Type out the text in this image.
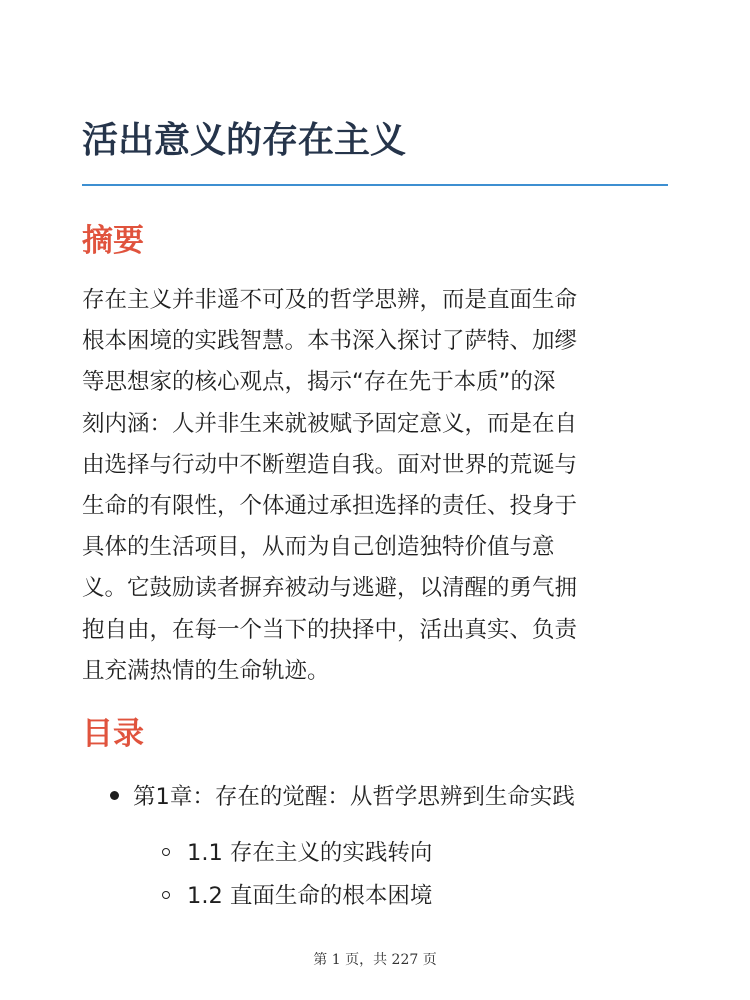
活出意义的存在主义
摘要

存在主义并非遥不可及的哲学思辨，而是直面生命
根本困境的实践智慧。本书深入探讨了萨特、加缪
等思想家的核心观点，揭示“存在先于本质”的深
刻内涵：人并非生来就被赋予固定意义，而是在自
由选择与行动中不断塑造自我。面对世界的荒诞与
生命的有限性，个体通过承担选择的责任、投身于
具体的生活项目，从而为自己创造独特价值与意
义。它鼓励读者摒弃被动与逃避，以清醒的勇气拥
抱自由，在每一个当下的抉择中，活出真实、负责
且充满热情的生命轨迹。

目录
第1章：存在的觉醒：从哲学思辨到生命实践
1.1 存在主义的实践转向
1.2 直面生命的根本困境
第 1 页，共 227 页
